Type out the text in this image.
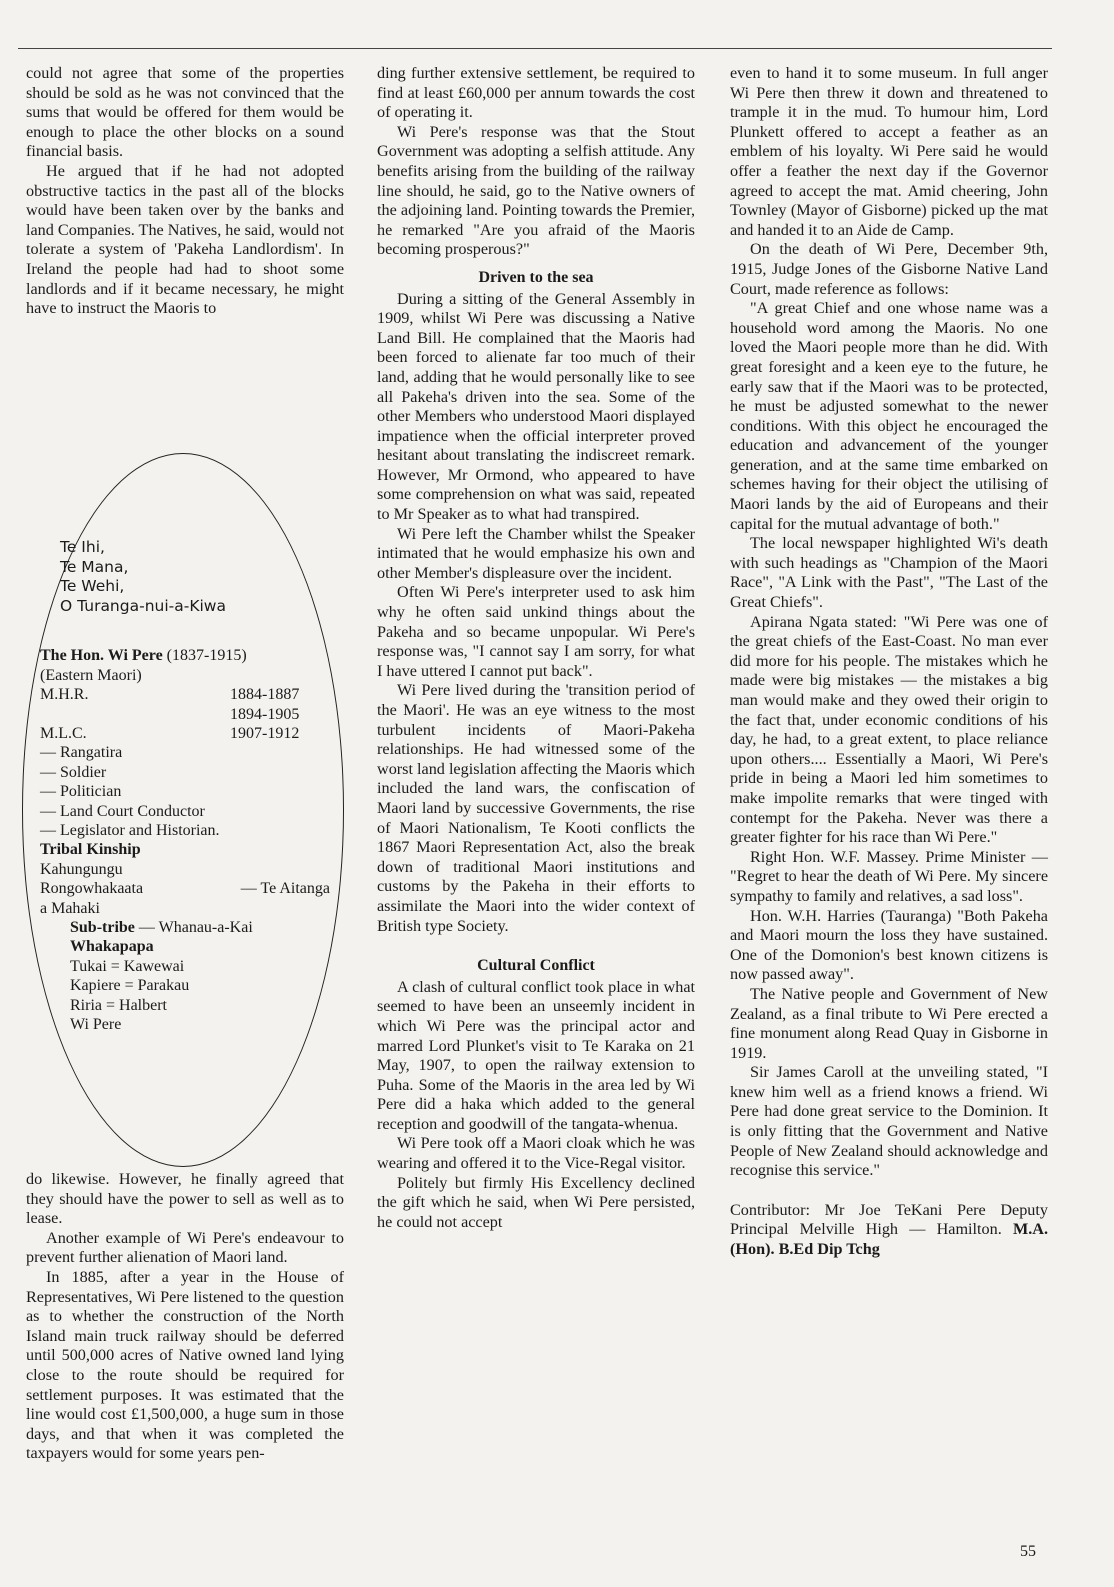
could not agree that some of the properties should be sold as he was not convinced that the sums that would be offered for them would be enough to place the other blocks on a sound financial basis.

He argued that if he had not adopted obstructive tactics in the past all of the blocks would have been taken over by the banks and land Companies. The Natives, he said, would not tolerate a system of 'Pakeha Landlordism'. In Ireland the people had had to shoot some landlords and if it became necessary, he might have to instruct the Maoris to

Te Ihi,
Te Mana,
Te Wehi,
O Turanga-nui-a-Kiwa
The Hon. Wi Pere (1837-1915)
(Eastern Maori)
M.H.R.	1884-1887
1894-1905
M.L.C.	1907-1912
— Rangatira
— Soldier
— Politician
— Land Court Conductor
— Legislator and Historian.
Tribal Kinship
Kahungungu
Rongowhakaata	— Te Aitanga
a Mahaki
Sub-tribe — Whanau-a-Kai
Whakapapa
Tukai = Kawewai
Kapiere = Parakau
Riria = Halbert
Wi Pere

do likewise. However, he finally agreed that they should have the power to sell as well as to lease.

Another example of Wi Pere's endeavour to prevent further alienation of Maori land.

In 1885, after a year in the House of Representatives, Wi Pere listened to the question as to whether the construction of the North Island main truck railway should be deferred until 500,000 acres of Native owned land lying close to the route should be required for settlement purposes. It was estimated that the line would cost £1,500,000, a huge sum in those days, and that when it was completed the taxpayers would for some years pen-

ding further extensive settlement, be required to find at least £60,000 per annum towards the cost of operating it.

Wi Pere's response was that the Stout Government was adopting a selfish attitude. Any benefits arising from the building of the railway line should, he said, go to the Native owners of the adjoining land. Pointing towards the Premier, he remarked "Are you afraid of the Maoris becoming prosperous?"

Driven to the sea

During a sitting of the General Assembly in 1909, whilst Wi Pere was discussing a Native Land Bill. He complained that the Maoris had been forced to alienate far too much of their land, adding that he would personally like to see all Pakeha's driven into the sea. Some of the other Members who understood Maori displayed impatience when the official interpreter proved hesitant about translating the indiscreet remark. However, Mr Ormond, who appeared to have some comprehension on what was said, repeated to Mr Speaker as to what had transpired.

Wi Pere left the Chamber whilst the Speaker intimated that he would emphasize his own and other Member's displeasure over the incident.

Often Wi Pere's interpreter used to ask him why he often said unkind things about the Pakeha and so became unpopular. Wi Pere's response was, "I cannot say I am sorry, for what I have uttered I cannot put back".

Wi Pere lived during the 'transition period of the Maori'. He was an eye witness to the most turbulent incidents of Maori-Pakeha relationships. He had witnessed some of the worst land legislation affecting the Maoris which included the land wars, the confiscation of Maori land by successive Governments, the rise of Maori Nationalism, Te Kooti conflicts the 1867 Maori Representation Act, also the break down of traditional Maori institutions and customs by the Pakeha in their efforts to assimilate the Maori into the wider context of British type Society.

Cultural Conflict

A clash of cultural conflict took place in what seemed to have been an unseemly incident in which Wi Pere was the principal actor and marred Lord Plunket's visit to Te Karaka on 21 May, 1907, to open the railway extension to Puha. Some of the Maoris in the area led by Wi Pere did a haka which added to the general reception and goodwill of the tangata-whenua.

Wi Pere took off a Maori cloak which he was wearing and offered it to the Vice-Regal visitor.

Politely but firmly His Excellency declined the gift which he said, when Wi Pere persisted, he could not accept

even to hand it to some museum. In full anger Wi Pere then threw it down and threatened to trample it in the mud. To humour him, Lord Plunkett offered to accept a feather as an emblem of his loyalty. Wi Pere said he would offer a feather the next day if the Governor agreed to accept the mat. Amid cheering, John Townley (Mayor of Gisborne) picked up the mat and handed it to an Aide de Camp.

On the death of Wi Pere, December 9th, 1915, Judge Jones of the Gisborne Native Land Court, made reference as follows:

"A great Chief and one whose name was a household word among the Maoris. No one loved the Maori people more than he did. With great foresight and a keen eye to the future, he early saw that if the Maori was to be protected, he must be adjusted somewhat to the newer conditions. With this object he encouraged the education and advancement of the younger generation, and at the same time embarked on schemes having for their object the utilising of Maori lands by the aid of Europeans and their capital for the mutual advantage of both."

The local newspaper highlighted Wi's death with such headings as "Champion of the Maori Race", "A Link with the Past", "The Last of the Great Chiefs".

Apirana Ngata stated: "Wi Pere was one of the great chiefs of the East-Coast. No man ever did more for his people. The mistakes which he made were big mistakes — the mistakes a big man would make and they owed their origin to the fact that, under economic conditions of his day, he had, to a great extent, to place reliance upon others.... Essentially a Maori, Wi Pere's pride in being a Maori led him sometimes to make impolite remarks that were tinged with contempt for the Pakeha. Never was there a greater fighter for his race than Wi Pere."

Right Hon. W.F. Massey. Prime Minister — "Regret to hear the death of Wi Pere. My sincere sympathy to family and relatives, a sad loss".

Hon. W.H. Harries (Tauranga) "Both Pakeha and Maori mourn the loss they have sustained. One of the Domonion's best known citizens is now passed away".

The Native people and Government of New Zealand, as a final tribute to Wi Pere erected a fine monument along Read Quay in Gisborne in 1919.

Sir James Caroll at the unveiling stated, "I knew him well as a friend knows a friend. Wi Pere had done great service to the Dominion. It is only fitting that the Government and Native People of New Zealand should acknowledge and recognise this service."

Contributor: Mr Joe TeKani Pere Deputy Principal Melville High — Hamilton. M.A. (Hon). B.Ed Dip Tchg

55
